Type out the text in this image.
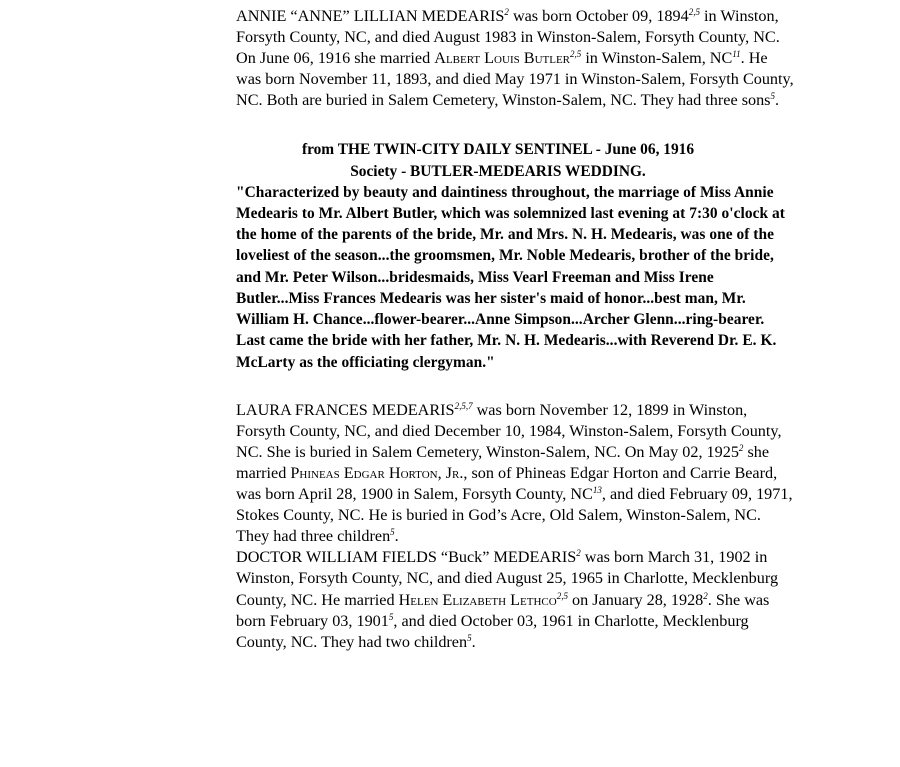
ANNIE “ANNE” LILLIAN MEDEARIS$^2$ was born October 09, 1894$^{2,5}$ in Winston, Forsyth County, NC, and died August 1983 in Winston-Salem, Forsyth County, NC. On June 06, 1916 she married Albert Louis Butler$^{2,5}$ in Winston-Salem, NC$^{11}$. He was born November 11, 1893, and died May 1971 in Winston-Salem, Forsyth County, NC. Both are buried in Salem Cemetery, Winston-Salem, NC. They had three sons$^5$.

from THE TWIN-CITY DAILY SENTINEL - June 06, 1916

Society - BUTLER-MEDEARIS WEDDING.

"Characterized by beauty and daintiness throughout, the marriage of Miss Annie Medearis to Mr. Albert Butler, which was solemnized last evening at 7:30 o'clock at the home of the parents of the bride, Mr. and Mrs. N. H. Medearis, was one of the loveliest of the season...the groomsmen, Mr. Noble Medearis, brother of the bride, and Mr. Peter Wilson...bridesmaids, Miss Vearl Freeman and Miss Irene Butler...Miss Frances Medearis was her sister's maid of honor...best man, Mr. William H. Chance...flower-bearer...Anne Simpson...Archer Glenn...ring-bearer. Last came the bride with her father, Mr. N. H. Medearis...with Reverend Dr. E. K. McLarty as the officiating clergyman."

LAURA FRANCES MEDEARIS$^{2,5,7}$ was born November 12, 1899 in Winston, Forsyth County, NC, and died December 10, 1984, Winston-Salem, Forsyth County, NC. She is buried in Salem Cemetery, Winston-Salem, NC. On May 02, 1925$^2$ she married Phineas Edgar Horton, Jr., son of Phineas Edgar Horton and Carrie Beard, was born April 28, 1900 in Salem, Forsyth County, NC$^{13}$, and died February 09, 1971, Stokes County, NC. He is buried in God’s Acre, Old Salem, Winston-Salem, NC. They had three children$^5$.

DOCTOR WILLIAM FIELDS “Buck” MEDEARIS$^2$ was born March 31, 1902 in Winston, Forsyth County, NC, and died August 25, 1965 in Charlotte, Mecklenburg County, NC. He married Helen Elizabeth Lethco$^{2,5}$ on January 28, 1928$^2$. She was born February 03, 1901$^5$, and died October 03, 1961 in Charlotte, Mecklenburg County, NC. They had two children$^5$.
